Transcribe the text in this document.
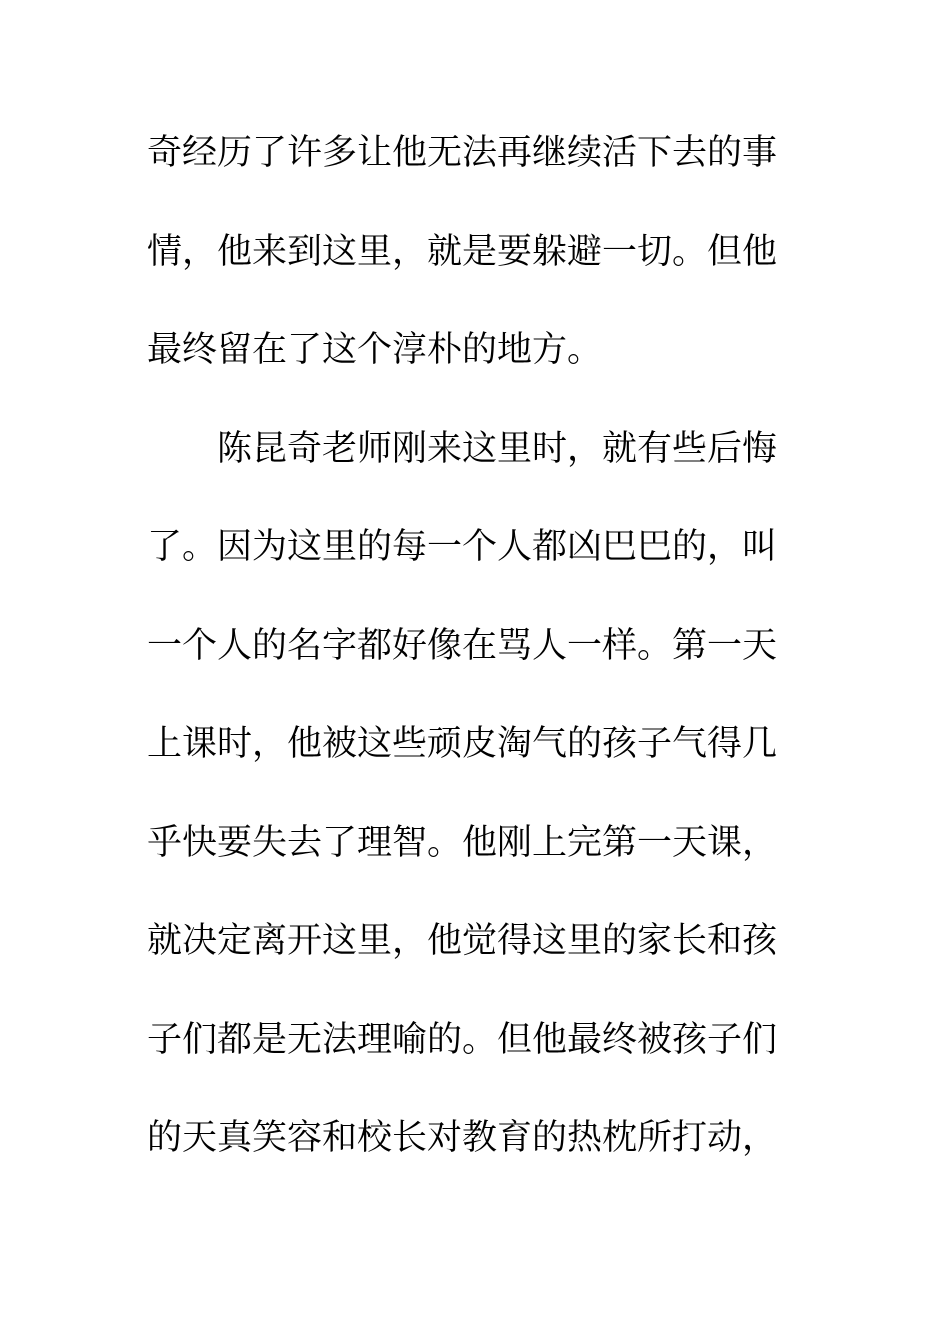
奇经历了许多让他无法再继续活下去的事
情，他来到这里，就是要躲避一切。但他
最终留在了这个淳朴的地方。
陈昆奇老师刚来这里时，就有些后悔
了。因为这里的每一个人都凶巴巴的，叫
一个人的名字都好像在骂人一样。第一天
上课时，他被这些顽皮淘气的孩子气得几
乎快要失去了理智。他刚上完第一天课，
就决定离开这里，他觉得这里的家长和孩
子们都是无法理喻的。但他最终被孩子们
的天真笑容和校长对教育的热枕所打动，
